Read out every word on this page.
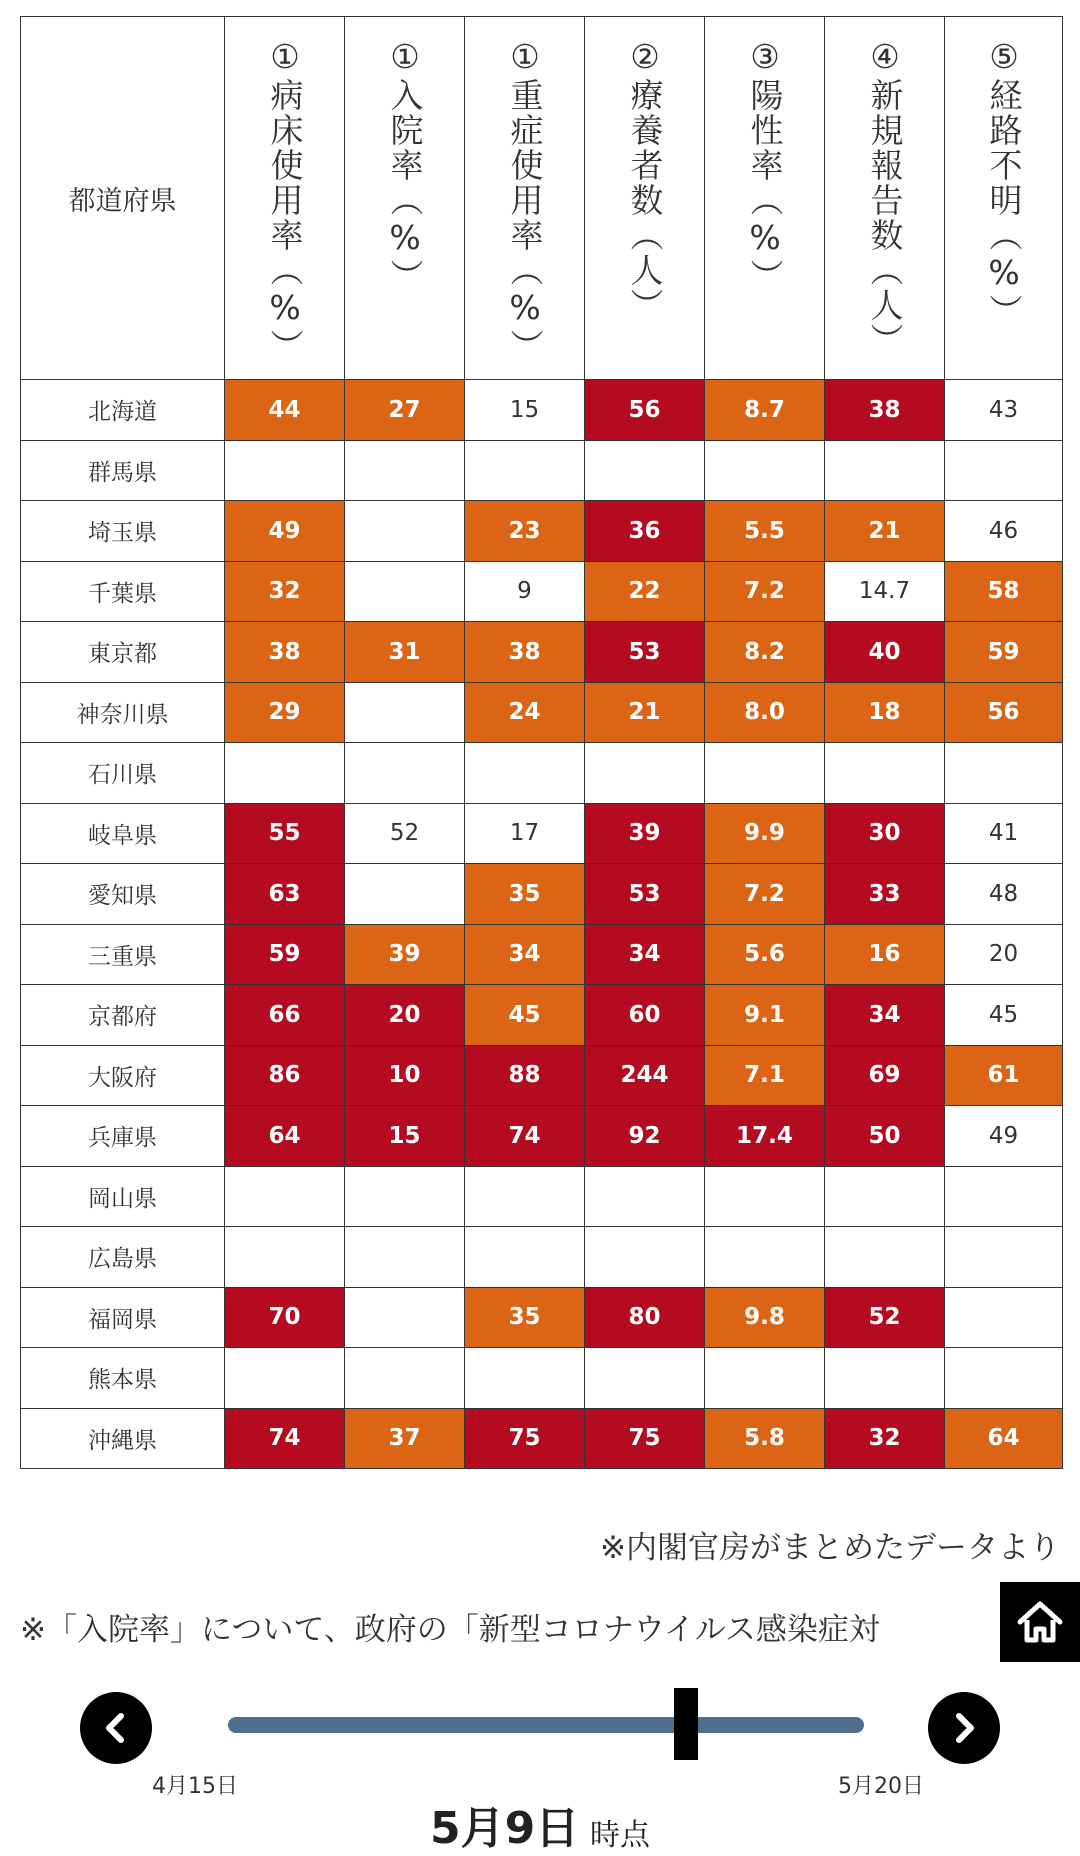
都道府県	①病床使用率（%）	①入院率（%）	①重症使用率（%）	②療養者数（人）	③陽性率（%）	④新規報告数（人）	⑤経路不明（%）
北海道	44	27	15	56	8.7	38	43
群馬県							
埼玉県	49		23	36	5.5	21	46
千葉県	32		9	22	7.2	14.7	58
東京都	38	31	38	53	8.2	40	59
神奈川県	29		24	21	8.0	18	56
石川県							
岐阜県	55	52	17	39	9.9	30	41
愛知県	63		35	53	7.2	33	48
三重県	59	39	34	34	5.6	16	20
京都府	66	20	45	60	9.1	34	45
大阪府	86	10	88	244	7.1	69	61
兵庫県	64	15	74	92	17.4	50	49
岡山県							
広島県							
福岡県	70		35	80	9.8	52	
熊本県							
沖縄県	74	37	75	75	5.8	32	64
※内閣官房がまとめたデータより
※「入院率」について、政府の「新型コロナウイルス感染症対
4月15日	5月20日
5月9日 時点
